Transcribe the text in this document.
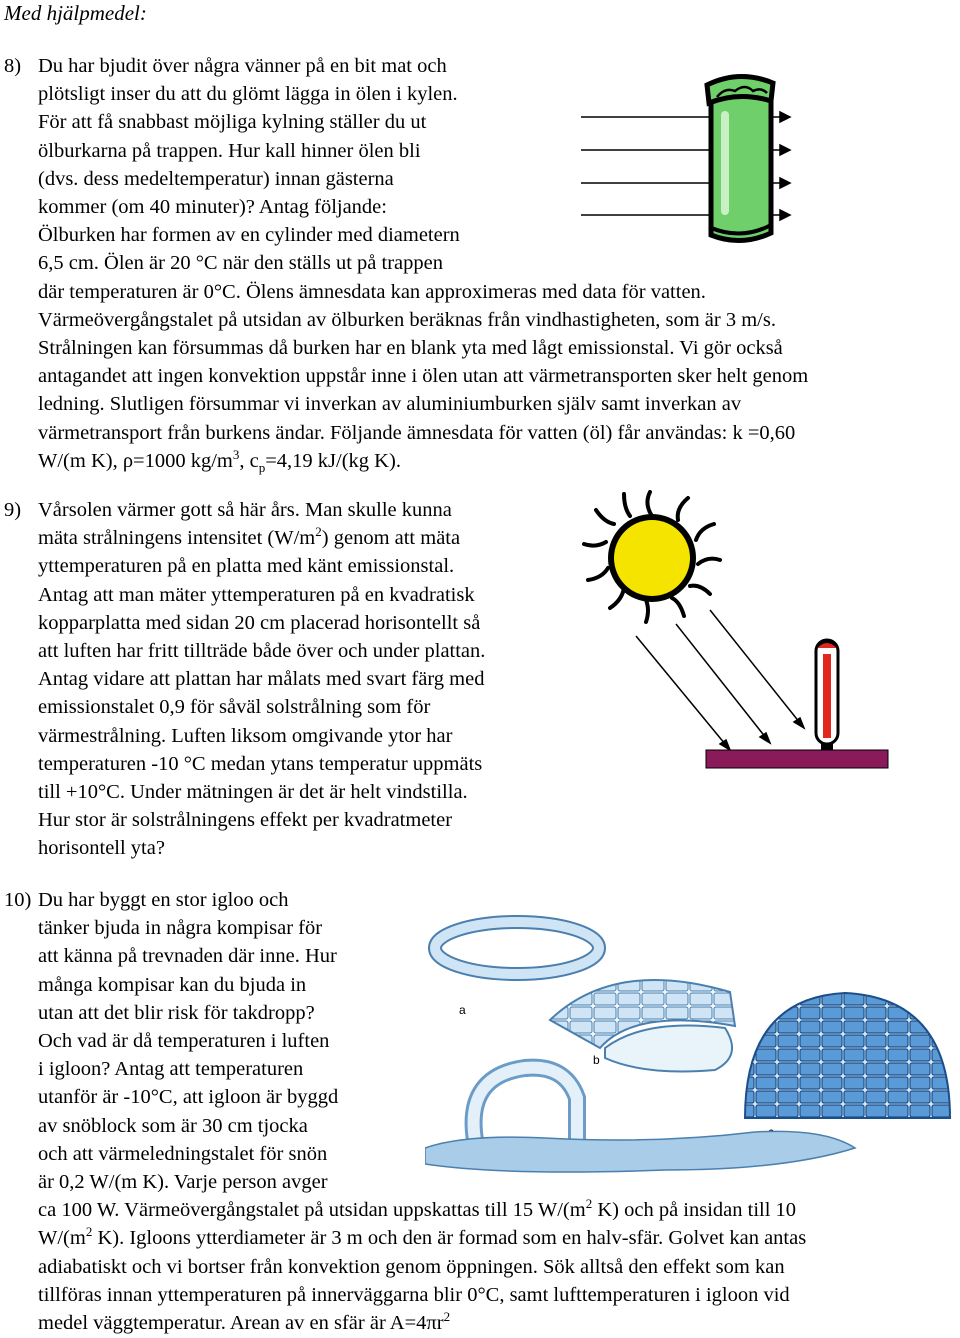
Med hjälpmedel:
8) Du har bjudit över några vänner på en bit mat och
plötsligt inser du att du glömt lägga in ölen i kylen.
För att få snabbast möjliga kylning ställer du ut
ölburkarna på trappen. Hur kall hinner ölen bli
(dvs. dess medeltemperatur) innan gästerna
kommer (om 40 minuter)? Antag följande:
Ölburken har formen av en cylinder med diametern
6,5 cm. Ölen är 20 °C när den ställs ut på trappen
där temperaturen är 0°C. Ölens ämnesdata kan approximeras med data för vatten.
Värmeövergångstalet på utsidan av ölburken beräknas från vindhastigheten, som är 3 m/s.
Strålningen kan försummas då burken har en blank yta med lågt emissionstal. Vi gör också
antagandet att ingen konvektion uppstår inne i ölen utan att värmetransporten sker helt genom
ledning. Slutligen försummar vi inverkan av aluminiumburken själv samt inverkan av
värmetransport från burkens ändar. Följande ämnesdata för vatten (öl) får användas: k =0,60
W/(m K), ρ=1000 $kg/m^3$, $c_p=4,19$ kJ/(kg K).
9) Vårsolen värmer gott så här års. Man skulle kunna
mäta strålningens intensitet $(W/m^2)$ genom att mäta
yttemperaturen på en platta med känt emissionstal.
Antag att man mäter yttemperaturen på en kvadratisk
kopparplatta med sidan 20 cm placerad horisontellt så
att luften har fritt tillträde både över och under plattan.
Antag vidare att plattan har målats med svart färg med
emissionstalet 0,9 för såväl solstrålning som för
värmestrålning. Luften liksom omgivande ytor har
temperaturen -10 °C medan ytans temperatur uppmäts
till +10°C. Under mätningen är det är helt vindstilla.
Hur stor är solstrålningens effekt per kvadratmeter
horisontell yta?
10) Du har byggt en stor igloo och
tänker bjuda in några kompisar för
att känna på trevnaden där inne. Hur
många kompisar kan du bjuda in
utan att det blir risk för takdropp?
Och vad är då temperaturen i luften
i igloon? Antag att temperaturen
utanför är -10°C, att igloon är byggd
av snöblock som är 30 cm tjocka
och att värmeledningstalet för snön
är 0,2 W/(m K). Varje person avger
ca 100 W. Värmeövergångstalet på utsidan uppskattas till 15 $W/(m^2$ K) och på insidan till 10
$W/(m^2$ K). Igloons ytterdiameter är 3 m och den är formad som en halv-sfär. Golvet kan antas
adiabatiskt och vi bortser från konvektion genom öppningen. Sök alltså den effekt som kan
tillföras innan yttemperaturen på innerväggarna blir 0°C, samt lufttemperaturen i igloon vid
medel väggtemperatur. Arean av en sfär är $A=4\pi r^2$
a
b
